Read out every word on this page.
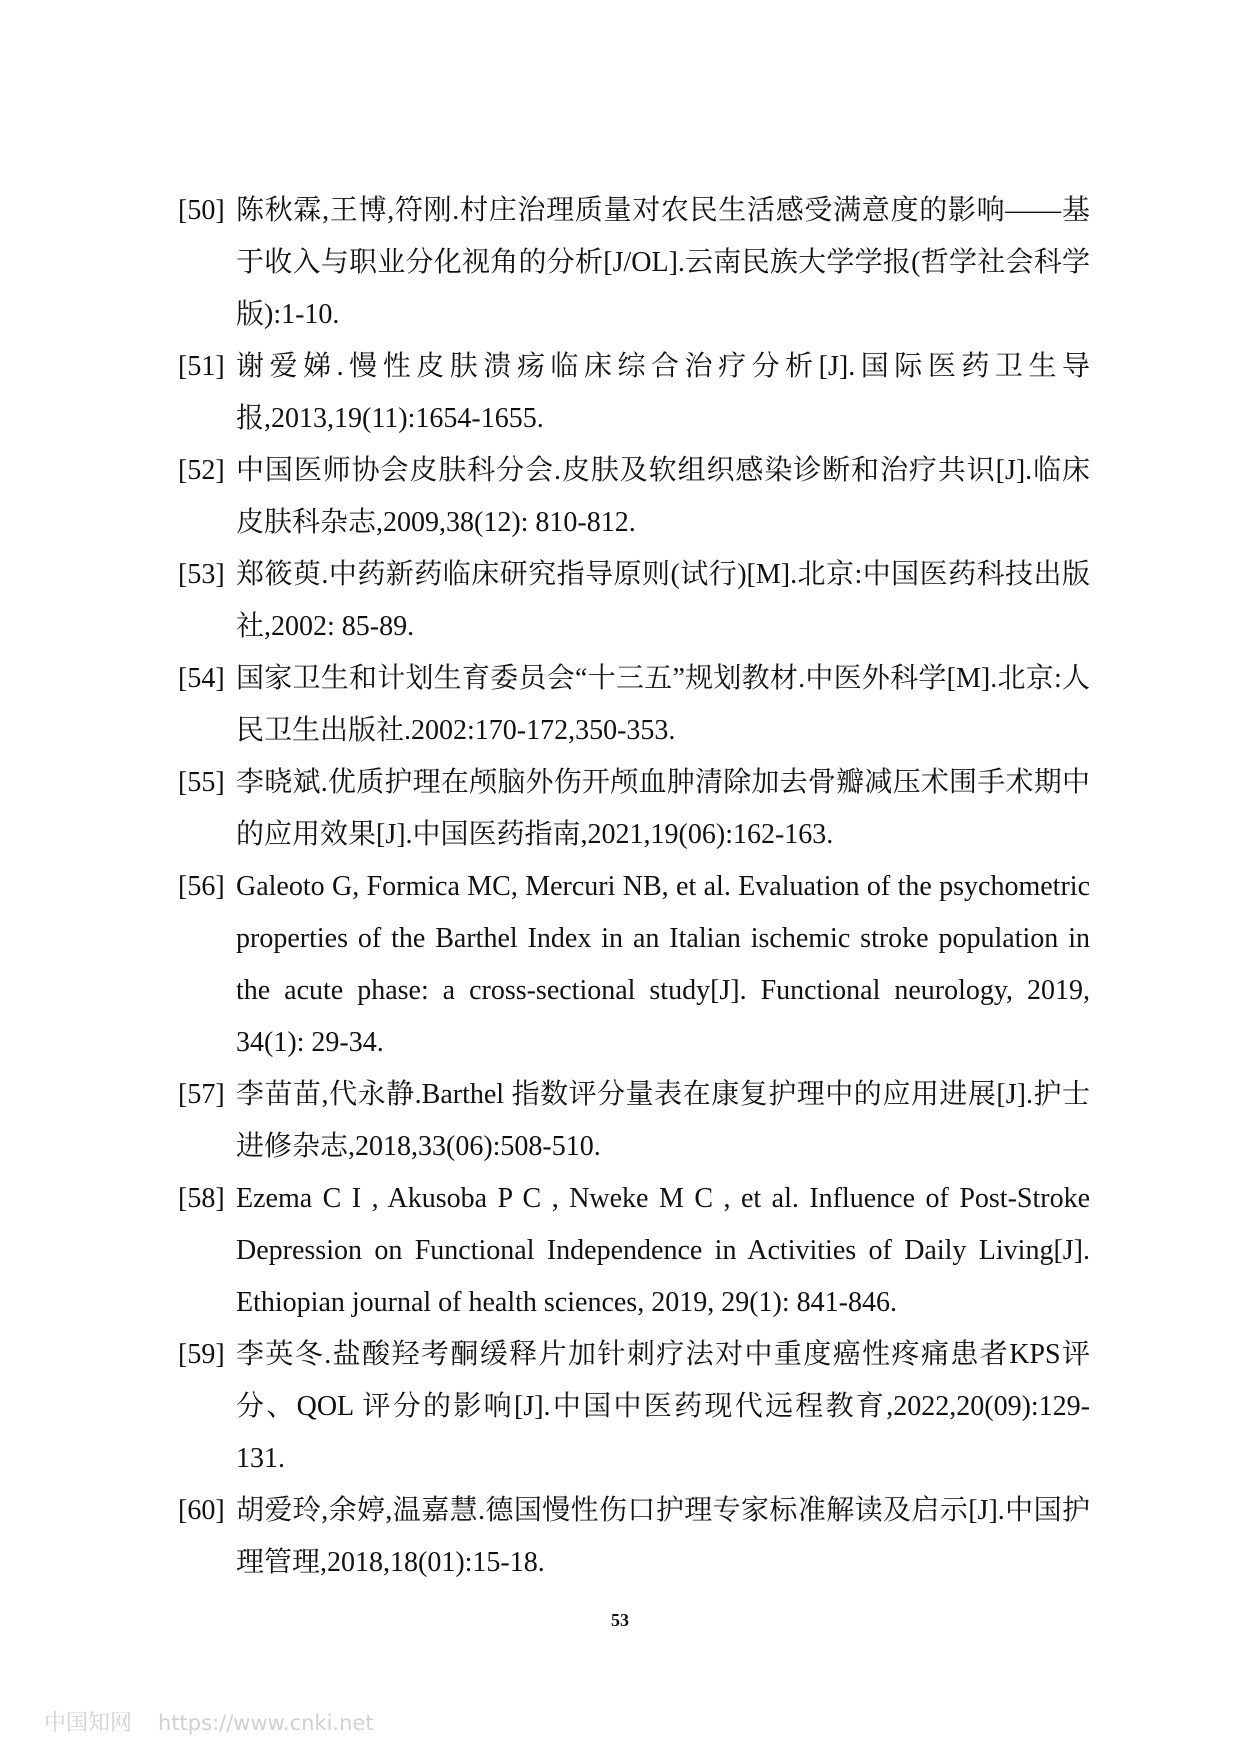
[50] 陈秋霖,王博,符刚.村庄治理质量对农民生活感受满意度的影响——基于收入与职业分化视角的分析[J/OL].云南民族大学学报(哲学社会科学版):1-10.
[51] 谢爱娣.慢性皮肤溃疡临床综合治疗分析[J].国际医药卫生导报,2013,19(11):1654-1655.
[52] 中国医师协会皮肤科分会.皮肤及软组织感染诊断和治疗共识[J].临床皮肤科杂志,2009,38(12): 810-812.
[53] 郑筱萸.中药新药临床研究指导原则(试行)[M].北京:中国医药科技出版社,2002: 85-89.
[54] 国家卫生和计划生育委员会“十三五”规划教材.中医外科学[M].北京:人民卫生出版社.2002:170-172,350-353.
[55] 李晓斌.优质护理在颅脑外伤开颅血肿清除加去骨瓣减压术围手术期中的应用效果[J].中国医药指南,2021,19(06):162-163.
[56] Galeoto G, Formica MC, Mercuri NB, et al. Evaluation of the psychometric properties of the Barthel Index in an Italian ischemic stroke population in the acute phase: a cross-sectional study[J]. Functional neurology, 2019, 34(1): 29-34.
[57] 李苗苗,代永静.Barthel 指数评分量表在康复护理中的应用进展[J].护士进修杂志,2018,33(06):508-510.
[58] Ezema C I , Akusoba P C , Nweke M C , et al. Influence of Post-Stroke Depression on Functional Independence in Activities of Daily Living[J]. Ethiopian journal of health sciences, 2019, 29(1): 841-846.
[59] 李英冬.盐酸羟考酮缓释片加针刺疗法对中重度癌性疼痛患者KPS评分、QOL 评分的影响[J].中国中医药现代远程教育,2022,20(09):129-131.
[60] 胡爱玲,余婷,温嘉慧.德国慢性伤口护理专家标准解读及启示[J].中国护理管理,2018,18(01):15-18.
53
中国知网 https://www.cnki.net
